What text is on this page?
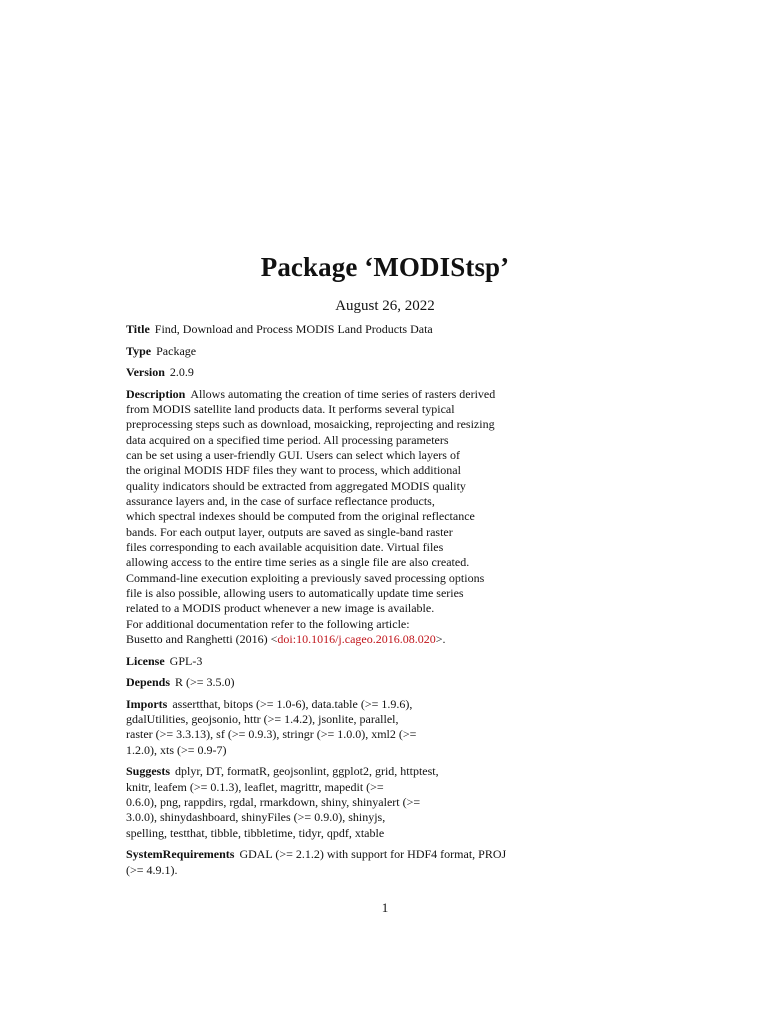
Package ‘MODIStsp’
August 26, 2022
Title Find, Download and Process MODIS Land Products Data
Type Package
Version 2.0.9
Description Allows automating the creation of time series of rasters derived
from MODIS satellite land products data. It performs several typical
preprocessing steps such as download, mosaicking, reprojecting and resizing
data acquired on a specified time period. All processing parameters
can be set using a user-friendly GUI. Users can select which layers of
the original MODIS HDF files they want to process, which additional
quality indicators should be extracted from aggregated MODIS quality
assurance layers and, in the case of surface reflectance products,
which spectral indexes should be computed from the original reflectance
bands. For each output layer, outputs are saved as single-band raster
files corresponding to each available acquisition date. Virtual files
allowing access to the entire time series as a single file are also created.
Command-line execution exploiting a previously saved processing options
file is also possible, allowing users to automatically update time series
related to a MODIS product whenever a new image is available.
For additional documentation refer to the following article:
Busetto and Ranghetti (2016) <doi:10.1016/j.cageo.2016.08.020>.
License GPL-3
Depends R (>= 3.5.0)
Imports assertthat, bitops (>= 1.0-6), data.table (>= 1.9.6),
gdalUtilities, geojsonio, httr (>= 1.4.2), jsonlite, parallel,
raster (>= 3.3.13), sf (>= 0.9.3), stringr (>= 1.0.0), xml2 (>=
1.2.0), xts (>= 0.9-7)
Suggests dplyr, DT, formatR, geojsonlint, ggplot2, grid, httptest,
knitr, leafem (>= 0.1.3), leaflet, magrittr, mapedit (>=
0.6.0), png, rappdirs, rgdal, rmarkdown, shiny, shinyalert (>=
3.0.0), shinydashboard, shinyFiles (>= 0.9.0), shinyjs,
spelling, testthat, tibble, tibbletime, tidyr, qpdf, xtable
SystemRequirements GDAL (>= 2.1.2) with support for HDF4 format, PROJ
(>= 4.9.1).
1
